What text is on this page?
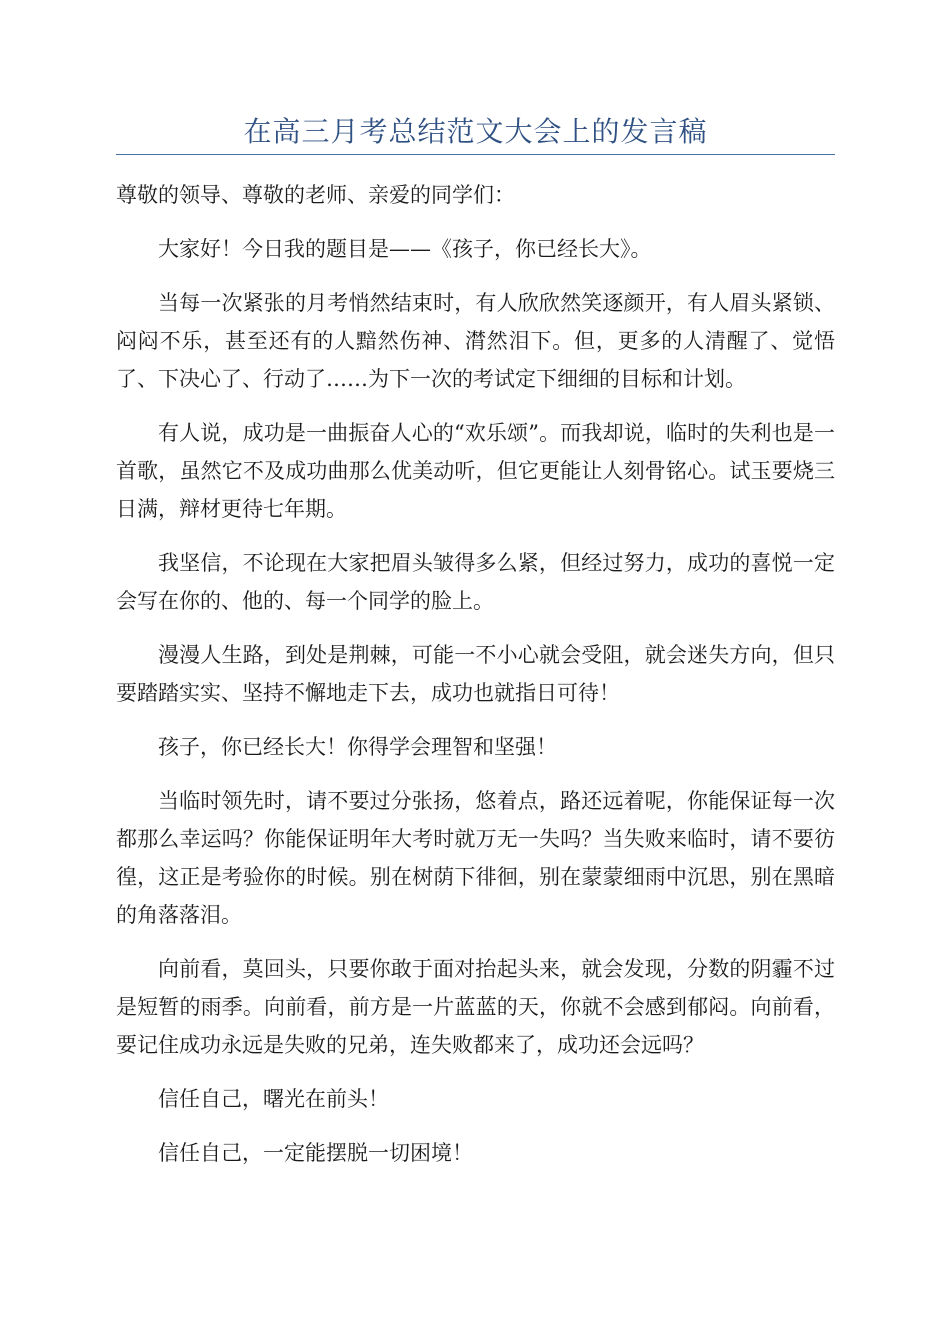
在高三月考总结范文大会上的发言稿

尊敬的领导、尊敬的老师、亲爱的同学们：

大家好！今日我的题目是——《孩子，你已经长大》。

当每一次紧张的月考悄然结束时，有人欣欣然笑逐颜开，有人眉头紧锁、闷闷不乐，甚至还有的人黯然伤神、潸然泪下。但，更多的人清醒了、觉悟了、下决心了、行动了……为下一次的考试定下细细的目标和计划。

有人说，成功是一曲振奋人心的“欢乐颂”。而我却说，临时的失利也是一首歌，虽然它不及成功曲那么优美动听，但它更能让人刻骨铭心。试玉要烧三日满，辩材更待七年期。

我坚信，不论现在大家把眉头皱得多么紧，但经过努力，成功的喜悦一定会写在你的、他的、每一个同学的脸上。

漫漫人生路，到处是荆棘，可能一不小心就会受阻，就会迷失方向，但只要踏踏实实、坚持不懈地走下去，成功也就指日可待！

孩子，你已经长大！你得学会理智和坚强！

当临时领先时，请不要过分张扬，悠着点，路还远着呢，你能保证每一次都那么幸运吗？你能保证明年大考时就万无一失吗？当失败来临时，请不要彷徨，这正是考验你的时候。别在树荫下徘徊，别在蒙蒙细雨中沉思，别在黑暗的角落落泪。

向前看，莫回头，只要你敢于面对抬起头来，就会发现，分数的阴霾不过是短暂的雨季。向前看，前方是一片蓝蓝的天，你就不会感到郁闷。向前看，要记住成功永远是失败的兄弟，连失败都来了，成功还会远吗？

信任自己，曙光在前头！

信任自己，一定能摆脱一切困境！
